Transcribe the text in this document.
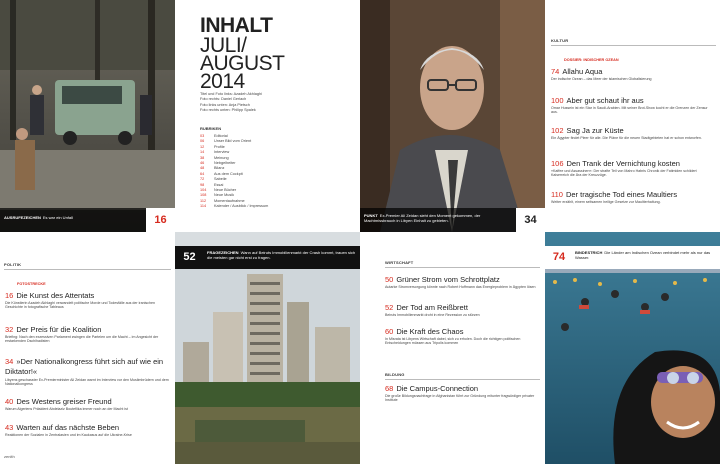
AUSRUFEZEICHEN Es war ein Unfall	16
INHALT
JULI/
AUGUST
2014
Titel und Foto links: Azadeh Akhlaghi
Foto rechts: Daniel Gerlach
Foto links unten: Anja Pietsch
Foto rechts unten: Philipp Spalek
RUBRIKEN
03	Editorial
06	Unser Bild vom Orient
12	Profile
14	Interview
38	Meinung
46	Nebgelheiter
48	Bilanz
64	Aus dem Cockpit
72	Sabeile
98	Essai
104 Neue Bücher
108 Neue Musik
112 Momentaufnahme
114 Kalender / Ausblick / Impressum
PUNKT Ex-Premier Ali Zeidan sieht den Moment gekommen, der Machtmissbrauch in Libyen Einhalt zu gebieten.	34
KULTUR
DOSSIER: INDISCHER OZEAN
74 Allahu Aqua
Der indische Ozean – das Meer der islamischen Globalisierung
100 Aber gut schaut ihr aus
Omar Hussein ist ein Star in Saudi-Arabien. Mit seiner Brot-Show kocht er die Grenzen der Zensur aus.
102 Sag Ja zur Küste
Ein Ägypter findet Pleer für alle. Die Pläne für die neuen Stadtgebieten hat er schon entworfen.
106 Den Trank der Vernichtung kosten
»Kaffee und Assassinen«: Der strafte Teil von Mahro Habris Chronik der Fatimiden schildert Kaiserreich die Ära der Kreuzzüge.
110 Der tragische Tod eines Maultiers
Weiter erzählt, einem seltsamen heilige Gesetze zur Maultierhaltung.
POLITIK
FOTOSTRECKE
16 Die Kunst des Attentats
Die Künstlerin Azadeh Akhlaghi verwandelt politische Morde und Todesfälle aus der iranischen Geschichte in fotografische Tableaus
32 Der Preis für die Koalition
Briefing: Nach den exzessiven Parlament zwingen die Parteien um die Macht – im Angesicht der erstarkenden Dschihadisten
34 »Der Nationalkongress führt sich auf wie ein Diktator!«
Libyens geschasster Ex-Premierminister Ali Zeidan warnt im Interview vor den Muslimbrüdern und dem Nationalkongress
40 Des Westens greiser Freund
Warum Algeriens Präsident Abdelaziz Bouteflika immer noch an der Macht ist
43 Warten auf das nächste Beben
Reaktionen der Sozialen in Zentralasien und im Kaukasus auf die Ukraine-Krise
zenith
52	FRAGEZEICHEN Wann auf Beiruts Immobilienmarkt der Crash kommt, trauen sich die meisten gar nicht erst zu fragen.
WIRTSCHAFT
50 Grüner Strom vom Schrottplatz
Autarke Stromversorgung könnte nach Robert Hoffmann das Energieproblem in Ägypten lösen
52 Der Tod am Reißbrett
Beiruts Immobilienmarkt droht in eine Rezession zu stürzen
60 Die Kraft des Chaos
In Misrata ist Libyens Wirtschaft dabei, sich zu erholen. Doch die richtigen politischen Entscheidungen müssen aus Tripolis kommen
BILDUNG
68 Die Campus-Connection
Die große Bildungsnachfrage in Afghanistan führt zur Gründung mitunter fragwürdiger privater Institute
74	BINDESTRICH Die Länder am Indischen Ozean verbindet mehr als nur das Wasser.
